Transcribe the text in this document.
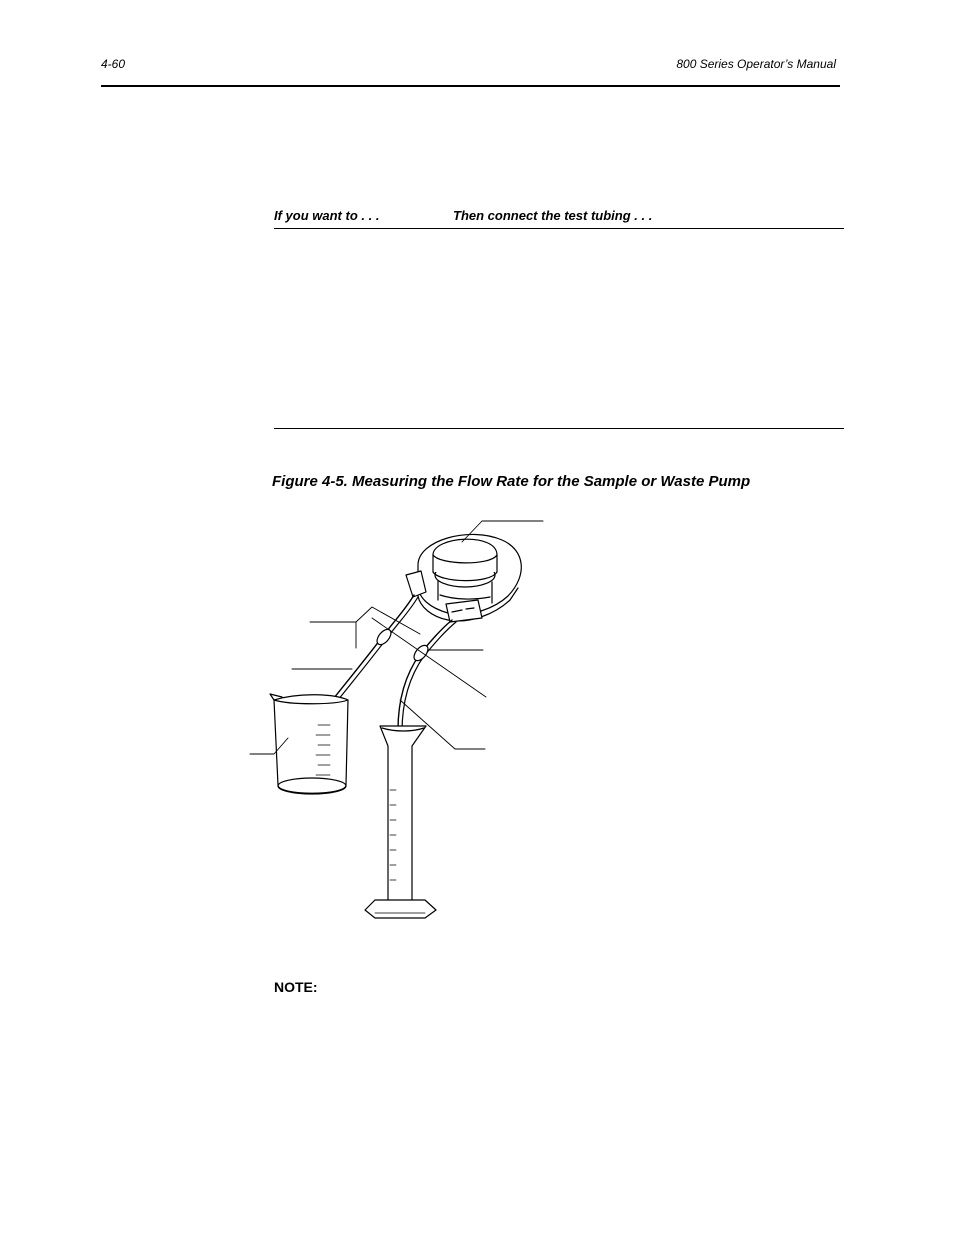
4-60	800 Series Operator’s Manual
If you want to . . .	Then connect the test tubing . . .
Figure 4-5. Measuring the Flow Rate for the Sample or Waste Pump
NOTE:
